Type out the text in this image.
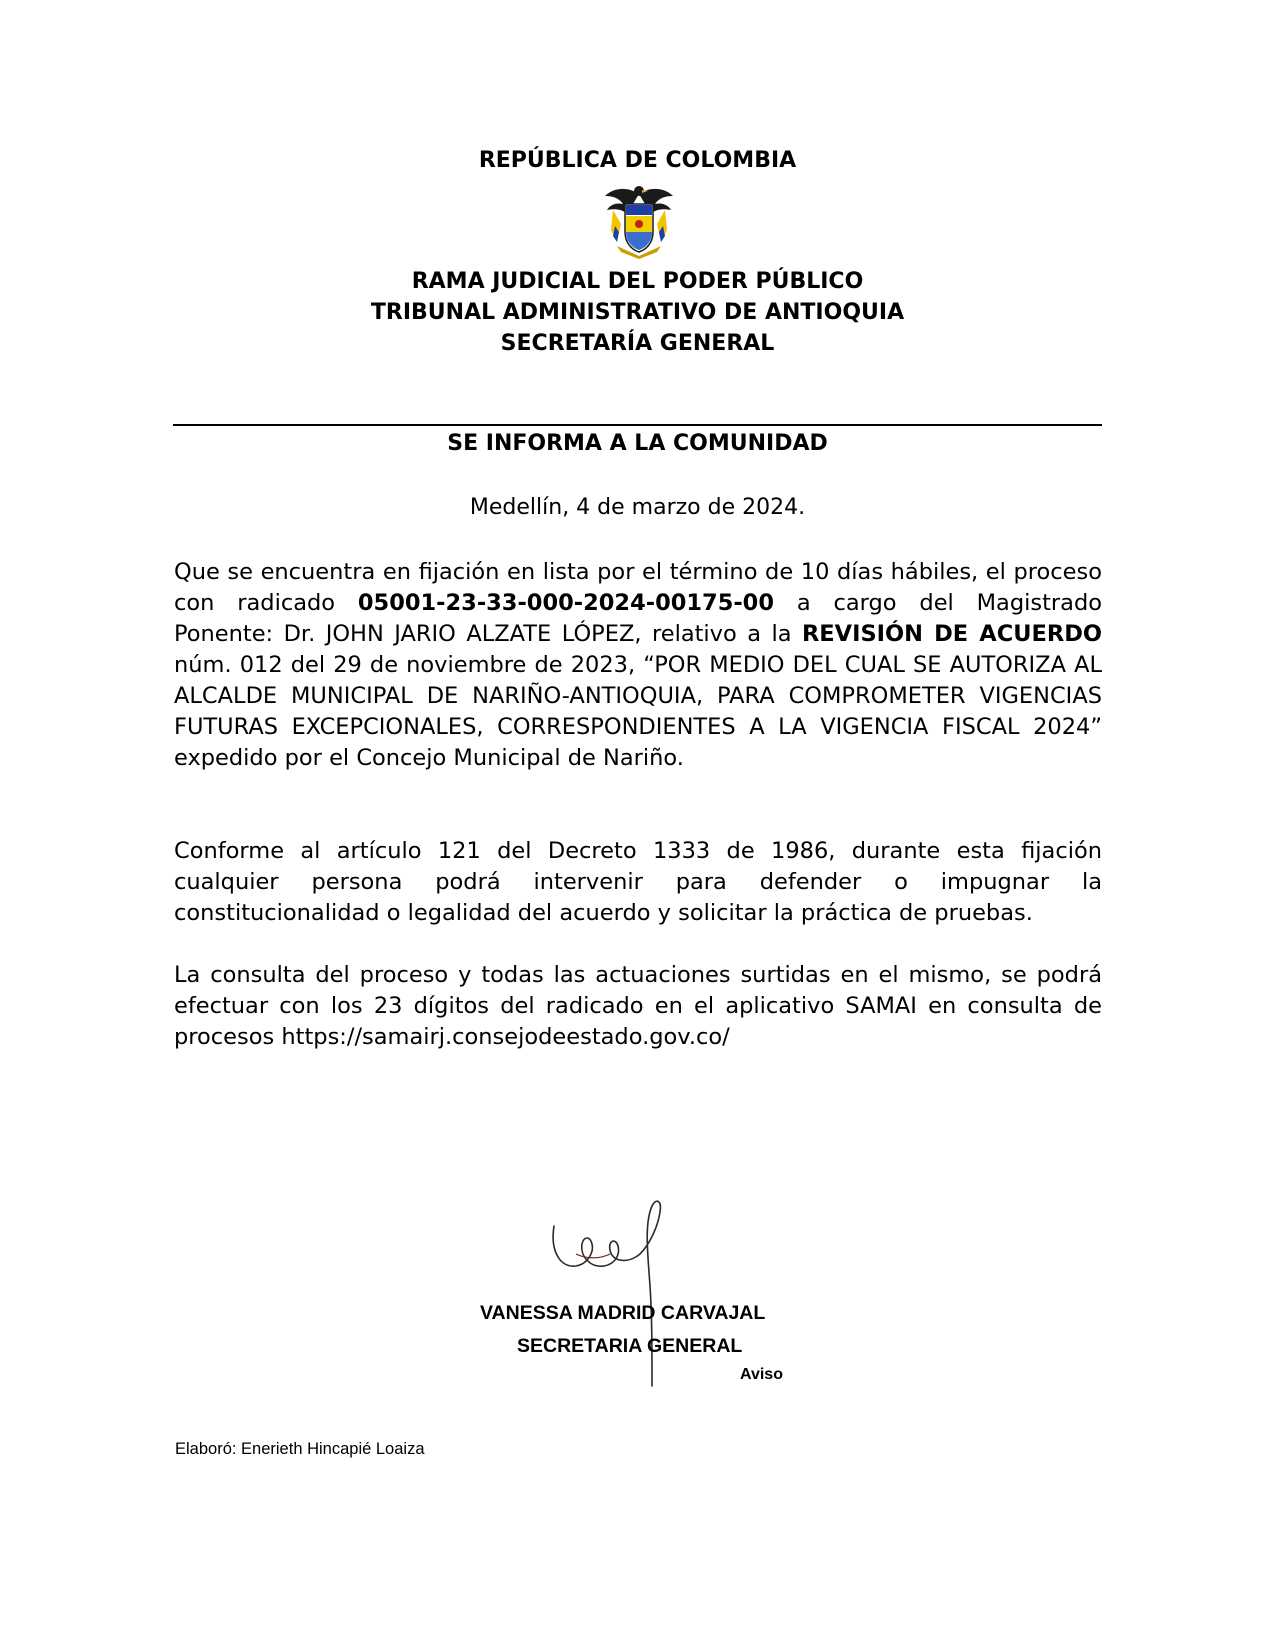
REPÚBLICA DE COLOMBIA
RAMA JUDICIAL DEL PODER PÚBLICO
TRIBUNAL ADMINISTRATIVO DE ANTIOQUIA
SECRETARÍA GENERAL
SE INFORMA A LA COMUNIDAD
Medellín, 4 de marzo de 2024.
Que se encuentra en fijación en lista por el término de 10 días hábiles, el proceso con radicado 05001-23-33-000-2024-00175-00 a cargo del Magistrado Ponente: Dr. JOHN JARIO ALZATE LÓPEZ, relativo a la REVISIÓN DE ACUERDO núm. 012 del 29 de noviembre de 2023, “POR MEDIO DEL CUAL SE AUTORIZA AL ALCALDE MUNICIPAL DE NARIÑO-ANTIOQUIA, PARA COMPROMETER VIGENCIAS FUTURAS EXCEPCIONALES, CORRESPONDIENTES A LA VIGENCIA FISCAL 2024” expedido por el Concejo Municipal de Nariño.
Conforme al artículo 121 del Decreto 1333 de 1986, durante esta fijación cualquier persona podrá intervenir para defender o impugnar la constitucionalidad o legalidad del acuerdo y solicitar la práctica de pruebas.
La consulta del proceso y todas las actuaciones surtidas en el mismo, se podrá efectuar con los 23 dígitos del radicado en el aplicativo SAMAI en consulta de procesos https://samairj.consejodeestado.gov.co/
VANESSA MADRID CARVAJAL
SECRETARIA GENERAL
Aviso
Elaboró: Enerieth Hincapié Loaiza
